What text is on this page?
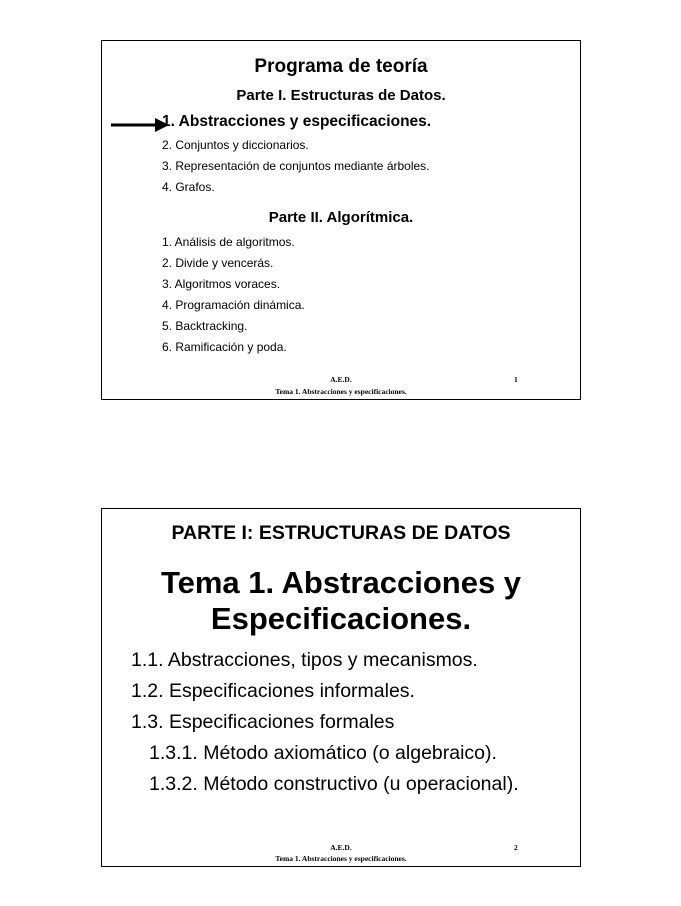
Programa de teoría
Parte I. Estructuras de Datos.
1. Abstracciones y especificaciones.
2. Conjuntos y diccionarios.
3. Representación de conjuntos mediante árboles.
4. Grafos.
Parte II. Algorítmica.
1. Análisis de algoritmos.
2. Divide y vencerás.
3. Algoritmos voraces.
4. Programación dinámica.
5. Backtracking.
6. Ramificación y poda.
A.E.D.	1
Tema 1. Abstracciones y especificaciones.
PARTE I: ESTRUCTURAS DE DATOS
Tema 1. Abstracciones y Especificaciones.
1.1. Abstracciones, tipos y mecanismos.
1.2. Especificaciones informales.
1.3. Especificaciones formales.
1.3.1. Método axiomático (o algebraico).
1.3.2. Método constructivo (u operacional).
A.E.D.	2
Tema 1. Abstracciones y especificaciones.
